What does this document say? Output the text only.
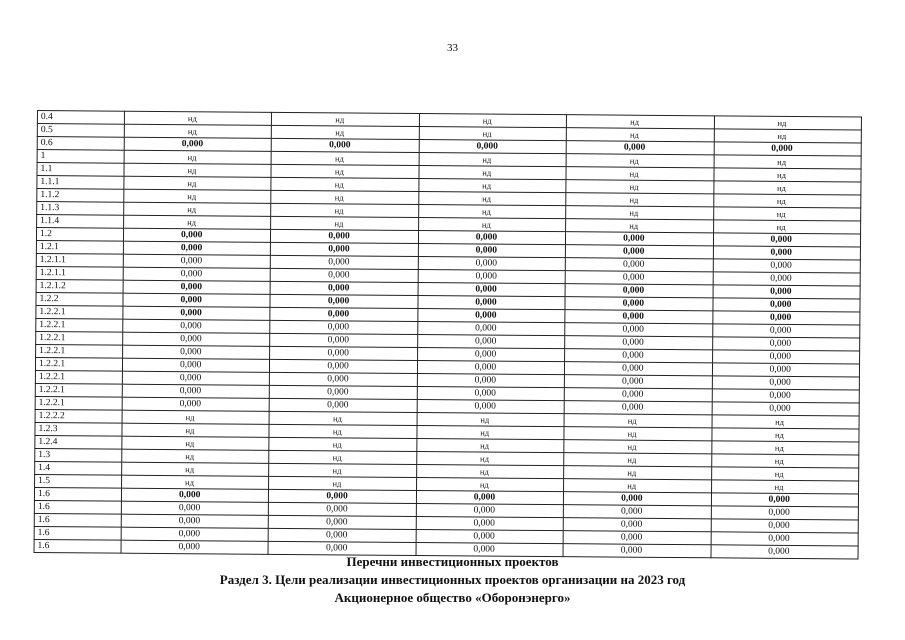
33
0.4	нд	нд	нд	нд	нд
0.5	нд	нд	нд	нд	нд
0.6	0,000	0,000	0,000	0,000	0,000
1	нд	нд	нд	нд	нд
1.1	нд	нд	нд	нд	нд
1.1.1	нд	нд	нд	нд	нд
1.1.2	нд	нд	нд	нд	нд
1.1.3	нд	нд	нд	нд	нд
1.1.4	нд	нд	нд	нд	нд
1.2	0,000	0,000	0,000	0,000	0,000
1.2.1	0,000	0,000	0,000	0,000	0,000
1.2.1.1	0,000	0,000	0,000	0,000	0,000
1.2.1.1	0,000	0,000	0,000	0,000	0,000
1.2.1.2	0,000	0,000	0,000	0,000	0,000
1.2.2	0,000	0,000	0,000	0,000	0,000
1.2.2.1	0,000	0,000	0,000	0,000	0,000
1.2.2.1	0,000	0,000	0,000	0,000	0,000
1.2.2.1	0,000	0,000	0,000	0,000	0,000
1.2.2.1	0,000	0,000	0,000	0,000	0,000
1.2.2.1	0,000	0,000	0,000	0,000	0,000
1.2.2.1	0,000	0,000	0,000	0,000	0,000
1.2.2.1	0,000	0,000	0,000	0,000	0,000
1.2.2.1	0,000	0,000	0,000	0,000	0,000
1.2.2.2	нд	нд	нд	нд	нд
1.2.3	нд	нд	нд	нд	нд
1.2.4	нд	нд	нд	нд	нд
1.3	нд	нд	нд	нд	нд
1.4	нд	нд	нд	нд	нд
1.5	нд	нд	нд	нд	нд
1.6	0,000	0,000	0,000	0,000	0,000
1.6	0,000	0,000	0,000	0,000	0,000
1.6	0,000	0,000	0,000	0,000	0,000
1.6	0,000	0,000	0,000	0,000	0,000
1.6	0,000	0,000	0,000	0,000	0,000
Перечни инвестиционных проектов
Раздел 3. Цели реализации инвестиционных проектов организации на 2023 год
Акционерное общество «Оборонэнерго»
